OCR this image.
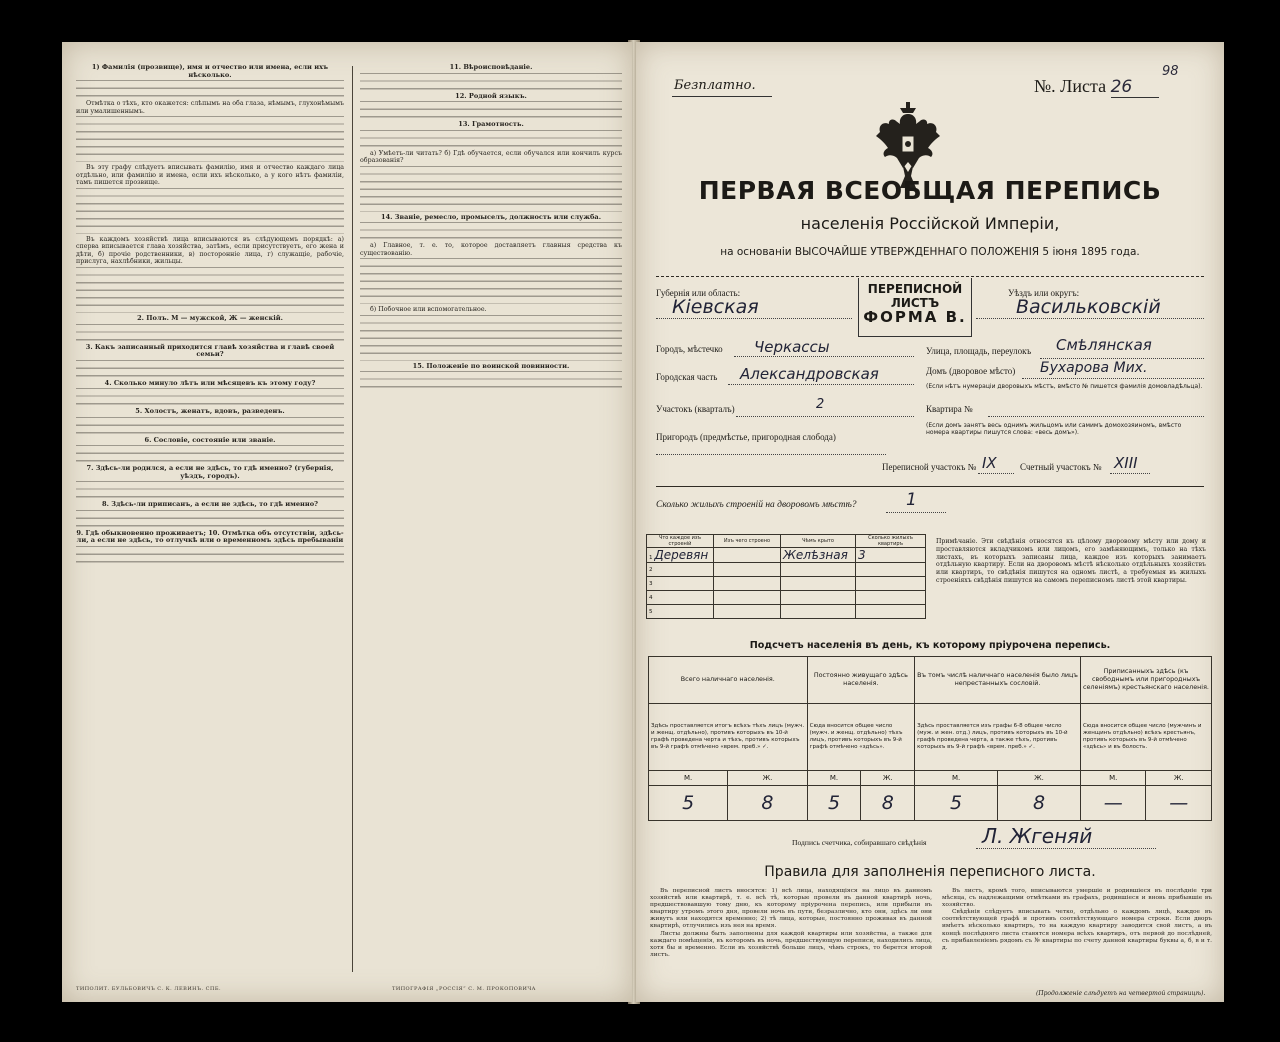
1) Фамилія (прозвище), имя и отчество или имена, если ихъ нѣсколько.

Отмѣтка о тѣхъ, кто окажется: слѣпымъ на оба глаза, нѣмымъ, глухонѣмымъ или умалишеннымъ.

Въ эту графу слѣдуетъ вписывать фамилію, имя и отчество каждаго лица отдѣльно, или фамилію и имена, если ихъ нѣсколько, а у кого нѣтъ фамиліи, тамъ пишется прозвище.

Въ каждомъ хозяйствѣ лица вписываются въ слѣдующемъ порядкѣ: а) сперва вписывается глава хозяйства, затѣмъ, если присутствуетъ, его жена и дѣти, б) прочіе родственники, в) посторонніе лица, г) служащіе, рабочіе, прислуга, нахлѣбники, жильцы.

2. Полъ. М — мужской, Ж — женскій.

3. Какъ записанный приходится главѣ хозяйства и главѣ своей семьи?

4. Сколько минуло лѣтъ или мѣсяцевъ къ этому году?

5. Холостъ, женатъ, вдовъ, разведенъ.

6. Сословіе, состояніе или званіе.

7. Здѣсь-ли родился, а если не здѣсь, то гдѣ именно? (губернія, уѣздъ, городъ).

8. Здѣсь-ли приписанъ, а если не здѣсь, то гдѣ именно?

9. Гдѣ обыкновенно проживаетъ; 10. Отмѣтка объ отсутствіи, здѣсь-ли, а если не здѣсь, то отлучкѣ или о временномъ здѣсь пребываніи

11. Вѣроисповѣданіе.

12. Родной языкъ.

13. Грамотность.

а) Умѣетъ-ли читать? б) Гдѣ обучается, если обучался или кончилъ курсъ образованія?

14. Званіе, ремесло, промыселъ, должность или служба.

а) Главное, т. е. то, которое доставляетъ главныя средства къ существованію.

б) Побочное или вспомогательное.

15. Положеніе по воинской повинности.

ТИПОЛИТ. БУЛЬБОВИЧЪ С. К. ЛЕВИНЪ. СПБ.	ТИПОГРАФІЯ „РОССІЯ” С. М. ПРОКОПОВИЧА
Безплатно.	№. Листа 26
98
ПЕРВАЯ ВСЕОБЩАЯ ПЕРЕПИСЬ
населенія Россійской Имперіи,
на основаніи ВЫСОЧАЙШЕ УТВЕРЖДЕННАГО ПОЛОЖЕНІЯ 5 іюня 1895 года.
ПЕРЕПИСНОЙ ЛИСТЪ
ФОРМА В.
Губернія или область:
Кіевская
Уѣздъ или округъ:
Васильковскій
Городъ, мѣстечко Черкассы
Городская часть Александровская
Участокъ (кварталъ)	2
Улица, площадь, переулокъ Смѣлянская
Домъ (дворовое мѣсто) Бухарова Мих.
(Если нѣтъ нумераціи дворовыхъ мѣстъ, вмѣсто № пишется фамилія домовладѣльца).
Квартира №
(Если домъ занятъ весь однимъ жильцомъ или самимъ домохозяиномъ, вмѣсто номера квартиры пишутся слова: «весь домъ»).
Пригородъ (предмѣстье, пригородная слобода)
Переписной участокъ № IX	Счетный участокъ № XIII
Сколько жилыхъ строеній на дворовомъ мѣстѣ?	1
Что каждое изъ строеній	Изъ чего строено	Чѣмъ крыто	Сколько жилыхъ квартиръ
1 Деревян		Желѣзная	3
2			
3			
4			
5			
Примѣчаніе. Эти свѣдѣнія относятся къ цѣлому дворовому мѣсту или дому и проставляются вкладчикомъ или лицомъ, его замѣняющимъ, только на тѣхъ листахъ, въ которыхъ записаны лица, каждое изъ которыхъ занимаетъ отдѣльную квартиру. Если на дворовомъ мѣстѣ нѣсколько отдѣльныхъ хозяйствъ или квартиръ, то свѣдѣнія пишутся на одномъ листѣ, а требуемыя въ жилыхъ строеніяхъ свѣдѣнія пишутся на самомъ переписномъ листѣ этой квартиры.
Подсчетъ населенія въ день, къ которому пріурочена перепись.
Всего наличнаго населенія.		Постоянно живущаго здѣсь населенія.		Въ томъ числѣ наличнаго населенія было лицъ непрестанныхъ сословій.		Приписанныхъ здѣсь (къ свободнымъ или пригородныхъ селеніямъ) крестьянскаго населенія.	
Здѣсь проставляется итогъ всѣхъ тѣхъ лицъ (мужч. и женщ. отдѣльно), противъ которыхъ въ 10-й графѣ проведена черта и тѣхъ, противъ которыхъ въ 9-й графѣ отмѣчено «врем. преб.» ✓.		Сюда вносится общее число (мужч. и женщ. отдѣльно) тѣхъ лицъ, противъ которыхъ въ 9-й графѣ отмѣчено «здѣсь».		Здѣсь проставляется изъ графы 6-8 общее число (муж. и жен. отд.) лицъ, противъ которыхъ въ 10-й графѣ проведена черта, а также тѣхъ, противъ которыхъ въ 9-й графѣ «врем. преб.» ✓.		Сюда вносится общее число (мужчинъ и женщинъ отдѣльно) всѣхъ крестьянъ, противъ которыхъ въ 9-й отмѣчено «здѣсь» и въ болость.	
М.	Ж.	М.	Ж.	М.	Ж.	М.	Ж.
5	8	5	8	5	8	—	—
Подпись счетчика, собиравшаго свѣдѣнія	Л. Жгеняй
Правила для заполненія переписного листа.

Въ переписной листъ вносятся: 1) всѣ лица, находящіяся на лицо въ данномъ хозяйствѣ или квартирѣ, т. е. всѣ тѣ, которые провели въ данной квартирѣ ночь, предшествовавшую тому дню, къ которому пріурочена перепись, или прибыли въ квартиру утромъ этого дня, провели ночь въ пути, безразлично, кто они, здѣсь ли они живутъ или находятся временно; 2) тѣ лица, которые, постоянно проживая въ данной квартирѣ, отлучились изъ нея на время.

Листы должны быть заполнены для каждой квартиры или хозяйства, а также для каждаго помѣщенія, въ которомъ въ ночь, предшествующую переписи, находились лица, хотя бы и временно. Если въ хозяйствѣ больше лицъ, чѣмъ строкъ, то берется второй листъ.

Въ листъ, кромѣ того, вписываются умершіе и родившіеся въ послѣдніе три мѣсяца, съ надлежащими отмѣтками въ графахъ, родившіеся и вновь прибывшіе въ хозяйство.

Свѣдѣнія слѣдуетъ вписывать четко, отдѣльно о каждомъ лицѣ, каждое въ соотвѣтствующей графѣ и противъ соотвѣтствующаго номера строки. Если дворъ имѣетъ нѣсколько квартиръ, то на каждую квартиру заводится свой листъ, а въ концѣ послѣдняго листа ставятся номера всѣхъ квартиръ, отъ первой до послѣдней, съ прибавленіемъ рядомъ съ № квартиры по счету данной квартиры буквы а, б, в и т. д.

(Продолженіе слѣдуетъ на четвертой страницѣ).
